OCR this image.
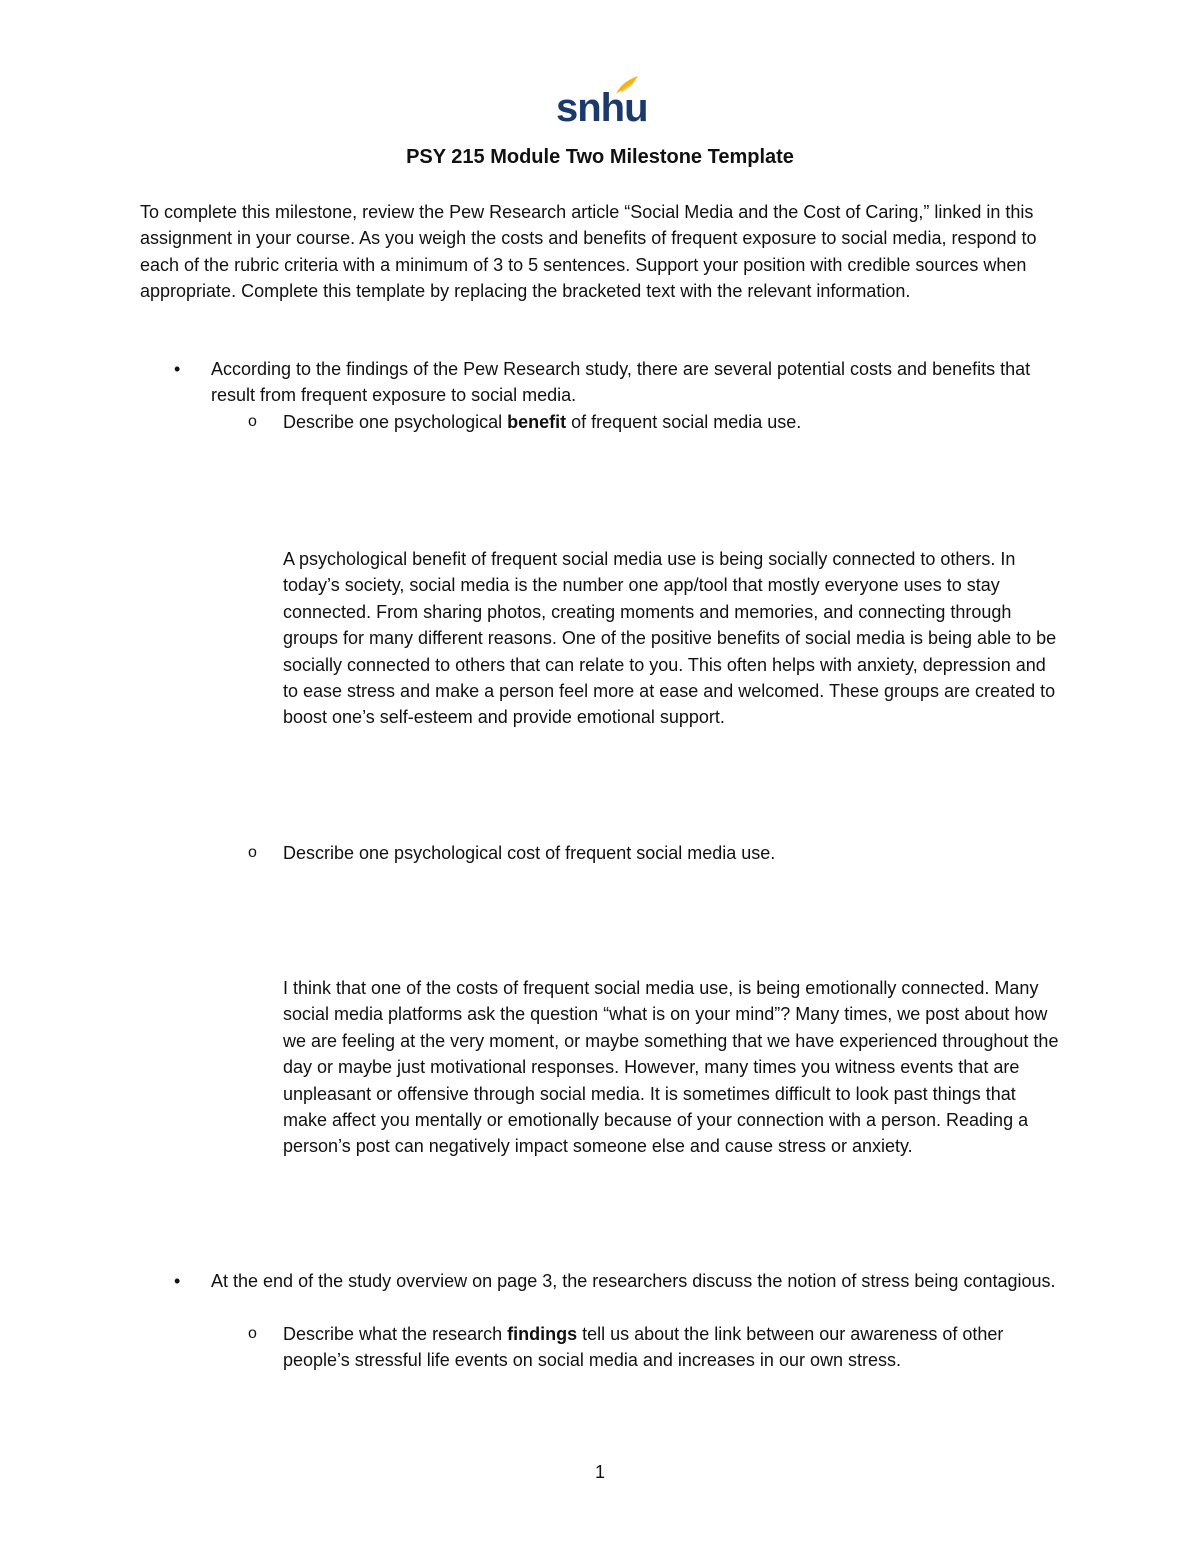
snhu
PSY 215 Module Two Milestone Template

To complete this milestone, review the Pew Research article “Social Media and the Cost of Caring,” linked in this assignment in your course. As you weigh the costs and benefits of frequent exposure to social media, respond to each of the rubric criteria with a minimum of 3 to 5 sentences. Support your position with credible sources when appropriate. Complete this template by replacing the bracketed text with the relevant information.

• According to the findings of the Pew Research study, there are several potential costs and benefits that result from frequent exposure to social media.

o Describe one psychological benefit of frequent social media use.

A psychological benefit of frequent social media use is being socially connected to others. In today’s society, social media is the number one app/tool that mostly everyone uses to stay connected. From sharing photos, creating moments and memories, and connecting through groups for many different reasons. One of the positive benefits of social media is being able to be socially connected to others that can relate to you. This often helps with anxiety, depression and to ease stress and make a person feel more at ease and welcomed. These groups are created to boost one’s self-esteem and provide emotional support.

o Describe one psychological cost of frequent social media use.

I think that one of the costs of frequent social media use, is being emotionally connected. Many social media platforms ask the question “what is on your mind”? Many times, we post about how we are feeling at the very moment, or maybe something that we have experienced throughout the day or maybe just motivational responses. However, many times you witness events that are unpleasant or offensive through social media. It is sometimes difficult to look past things that make affect you mentally or emotionally because of your connection with a person. Reading a person’s post can negatively impact someone else and cause stress or anxiety.

• At the end of the study overview on page 3, the researchers discuss the notion of stress being contagious.

o Describe what the research findings tell us about the link between our awareness of other people’s stressful life events on social media and increases in our own stress.

1
